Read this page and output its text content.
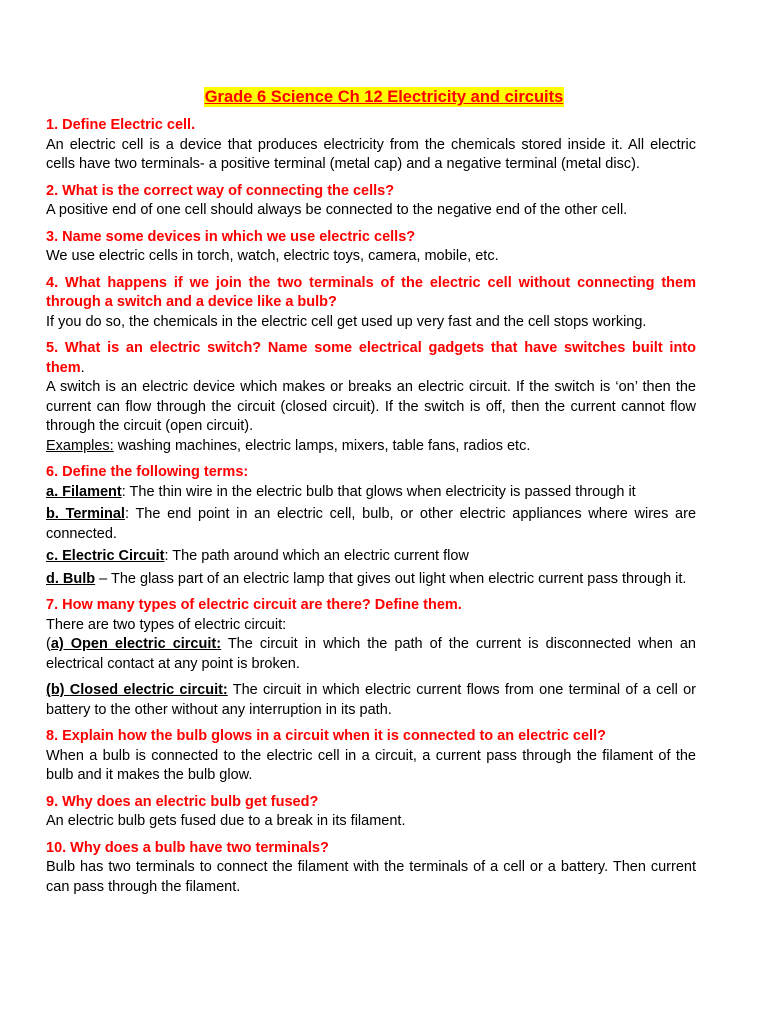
Grade 6 Science Ch 12 Electricity and circuits
1. Define Electric cell.
An electric cell is a device that produces electricity from the chemicals stored inside it. All electric cells have two terminals- a positive terminal (metal cap) and a negative terminal (metal disc).
2. What is the correct way of connecting the cells?
A positive end of one cell should always be connected to the negative end of the other cell.
3. Name some devices in which we use electric cells?
We use electric cells in torch, watch, electric toys, camera, mobile, etc.
4. What happens if we join the two terminals of the electric cell without connecting them through a switch and a device like a bulb?
If you do so, the chemicals in the electric cell get used up very fast and the cell stops working.
5. What is an electric switch? Name some electrical gadgets that have switches built into them.
A switch is an electric device which makes or breaks an electric circuit. If the switch is ‘on’ then the current can flow through the circuit (closed circuit). If the switch is off, then the current cannot flow through the circuit (open circuit).
Examples: washing machines, electric lamps, mixers, table fans, radios etc.
6. Define the following terms:
a. Filament: The thin wire in the electric bulb that glows when electricity is passed through it
b. Terminal: The end point in an electric cell, bulb, or other electric appliances where wires are connected.
c. Electric Circuit: The path around which an electric current flow
d. Bulb – The glass part of an electric lamp that gives out light when electric current pass through it.
7. How many types of electric circuit are there? Define them.
There are two types of electric circuit:
(a) Open electric circuit: The circuit in which the path of the current is disconnected when an electrical contact at any point is broken.
(b) Closed electric circuit: The circuit in which electric current flows from one terminal of a cell or battery to the other without any interruption in its path.
8. Explain how the bulb glows in a circuit when it is connected to an electric cell?
When a bulb is connected to the electric cell in a circuit, a current pass through the filament of the bulb and it makes the bulb glow.
9. Why does an electric bulb get fused?
An electric bulb gets fused due to a break in its filament.
10. Why does a bulb have two terminals?
Bulb has two terminals to connect the filament with the terminals of a cell or a battery. Then current can pass through the filament.
